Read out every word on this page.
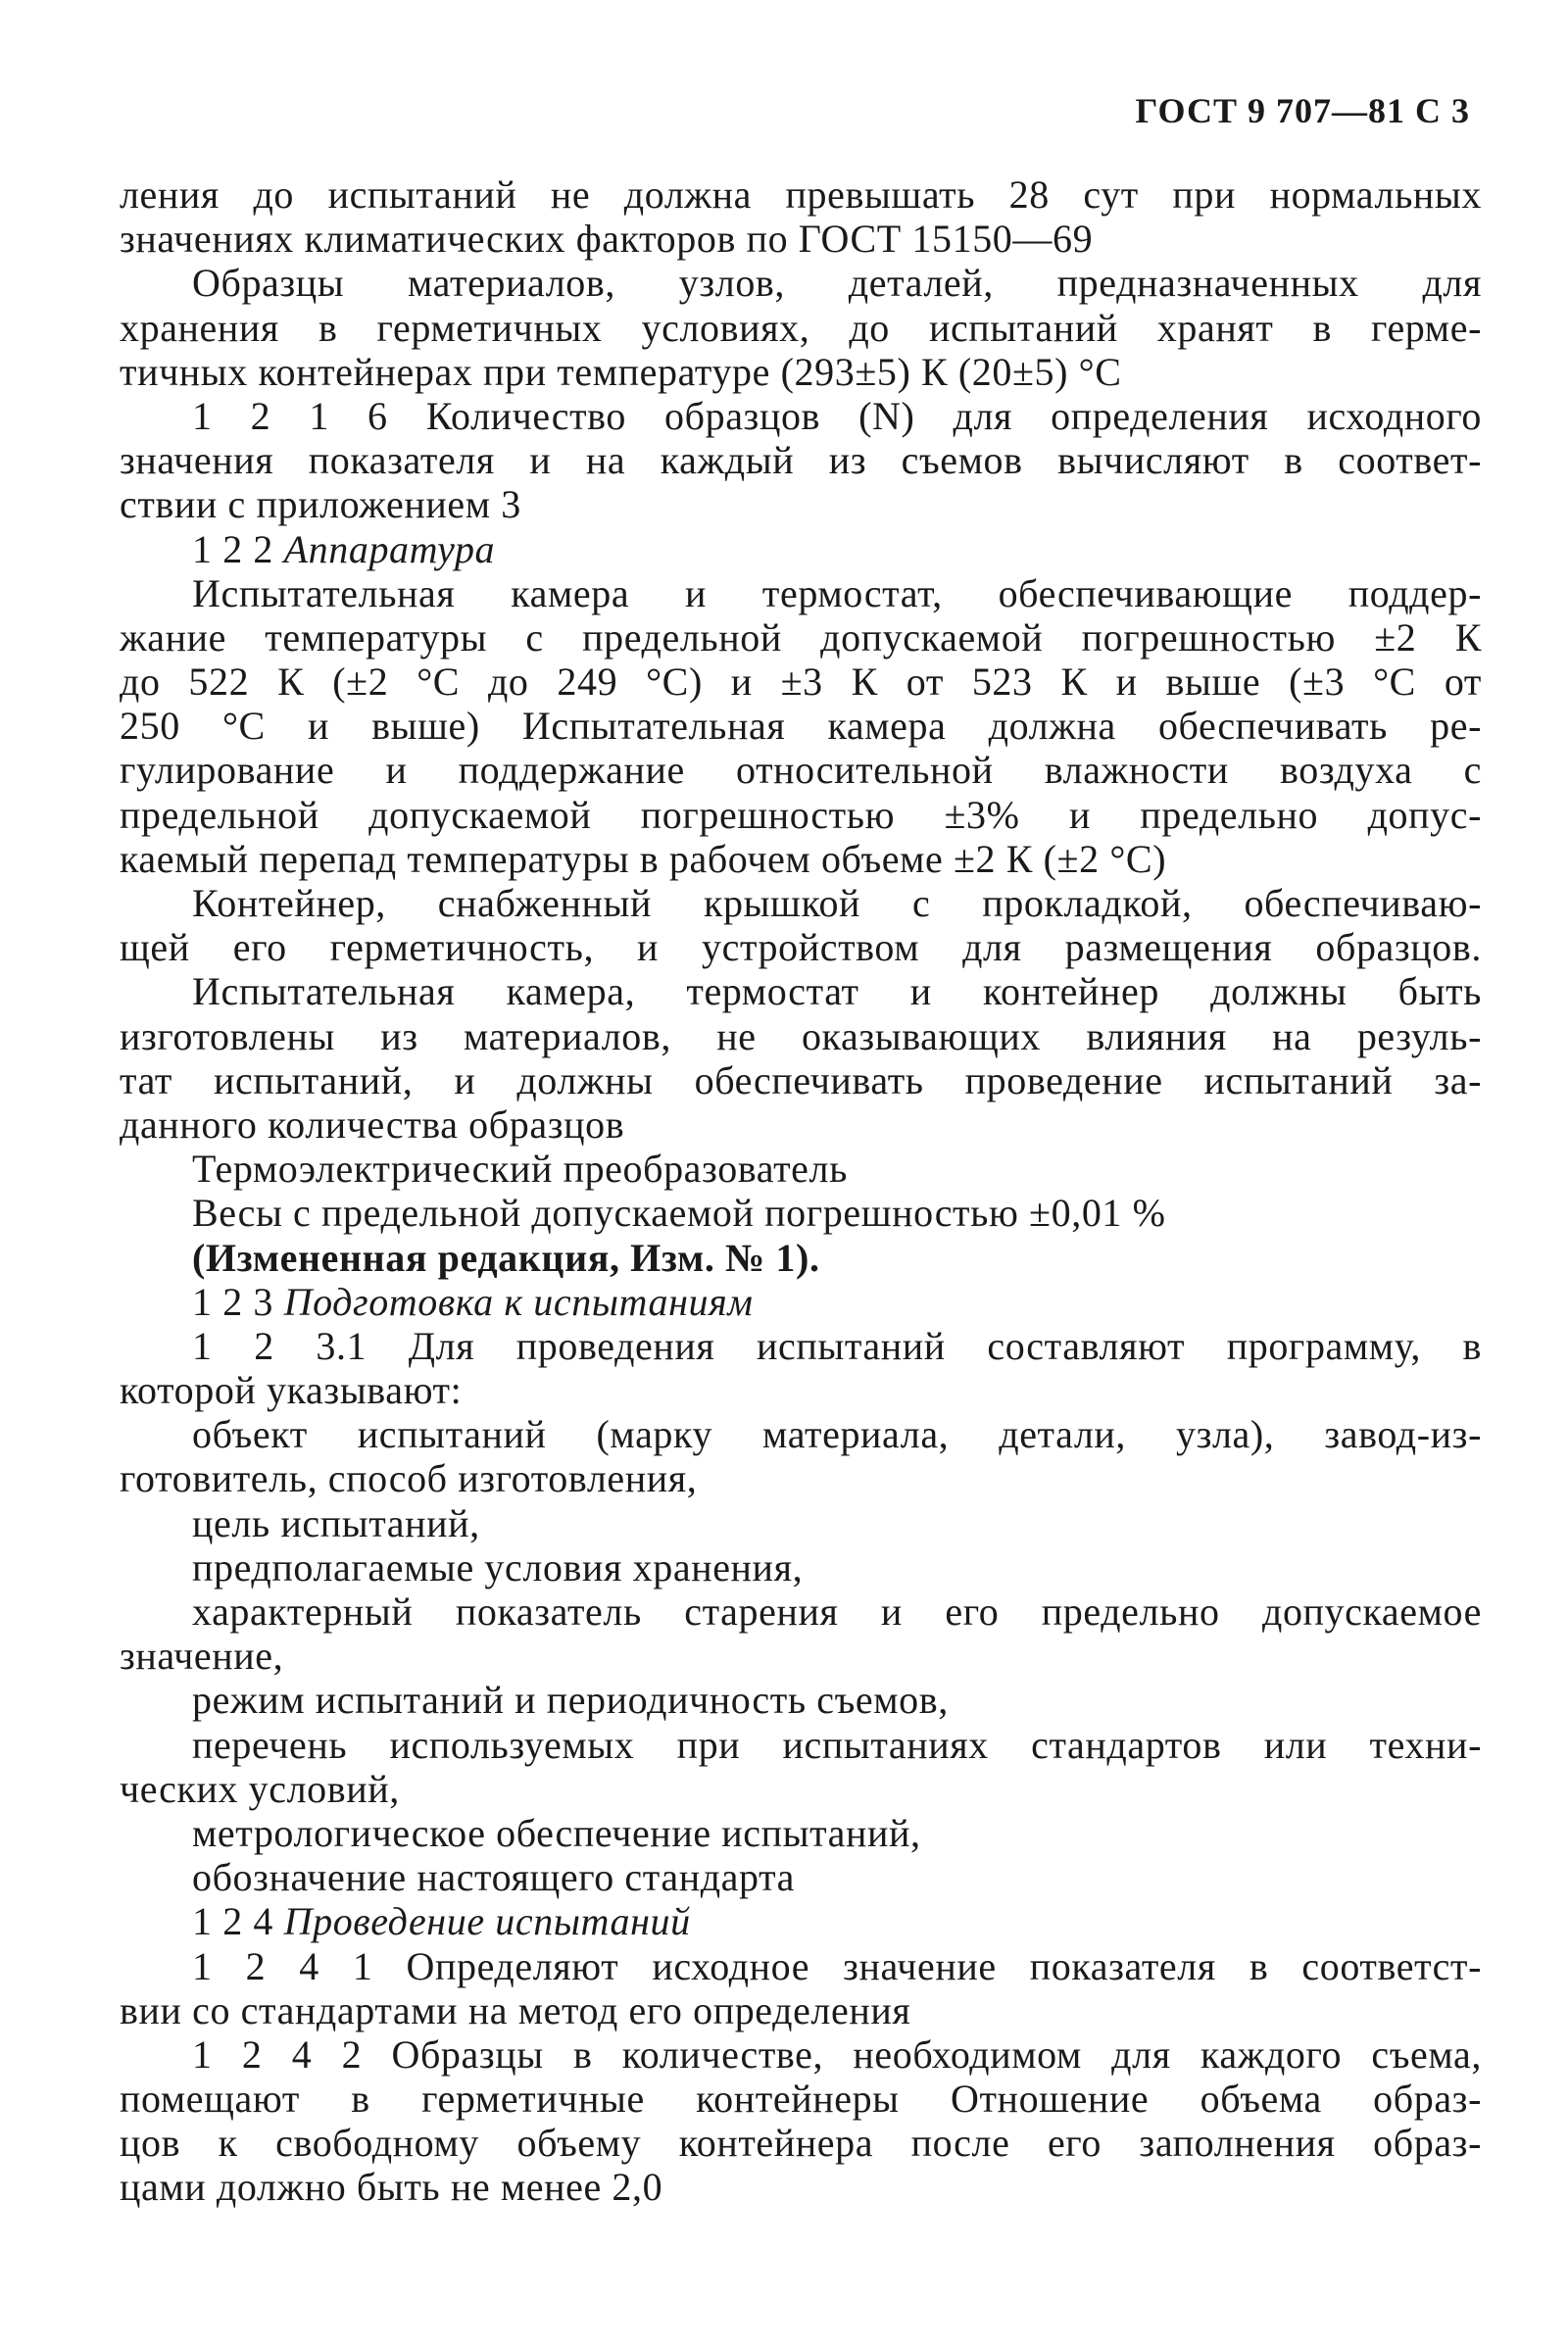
ГОСТ 9 707—81 С 3
ления до испытаний не должна превышать 28 сут при нормальных
значениях климатических факторов по ГОСТ 15150—69
Образцы материалов, узлов, деталей, предназначенных для
хранения в герметичных условиях, до испытаний хранят в герме-
тичных контейнерах при температуре (293±5) К (20±5) °С
1 2 1 6 Количество образцов (N) для определения исходного
значения показателя и на каждый из съемов вычисляют в соответ-
ствии с приложением 3
1 2 2 Аппаратура
Испытательная камера и термостат, обеспечивающие поддер-
жание температуры с предельной допускаемой погрешностью ±2 К
до 522 К (±2 °С до 249 °С) и ±3 К от 523 К и выше (±3 °С от
250 °С и выше) Испытательная камера должна обеспечивать ре-
гулирование и поддержание относительной влажности воздуха с
предельной допускаемой погрешностью ±3% и предельно допус-
каемый перепад температуры в рабочем объеме ±2 К (±2 °С)
Контейнер, снабженный крышкой с прокладкой, обеспечиваю-
щей его герметичность, и устройством для размещения образцов.
Испытательная камера, термостат и контейнер должны быть
изготовлены из материалов, не оказывающих влияния на резуль-
тат испытаний, и должны обеспечивать проведение испытаний за-
данного количества образцов
Термоэлектрический преобразователь
Весы с предельной допускаемой погрешностью ±0,01 %
(Измененная редакция, Изм. № 1).
1 2 3 Подготовка к испытаниям
1 2 3.1 Для проведения испытаний составляют программу, в
которой указывают:
объект испытаний (марку материала, детали, узла), завод-из-
готовитель, способ изготовления,
цель испытаний,
предполагаемые условия хранения,
характерный показатель старения и его предельно допускаемое
значение,
режим испытаний и периодичность съемов,
перечень используемых при испытаниях стандартов или техни-
ческих условий,
метрологическое обеспечение испытаний,
обозначение настоящего стандарта
1 2 4 Проведение испытаний
1 2 4 1 Определяют исходное значение показателя в соответст-
вии со стандартами на метод его определения
1 2 4 2 Образцы в количестве, необходимом для каждого съема,
помещают в герметичные контейнеры Отношение объема образ-
цов к свободному объему контейнера после его заполнения образ-
цами должно быть не менее 2,0
